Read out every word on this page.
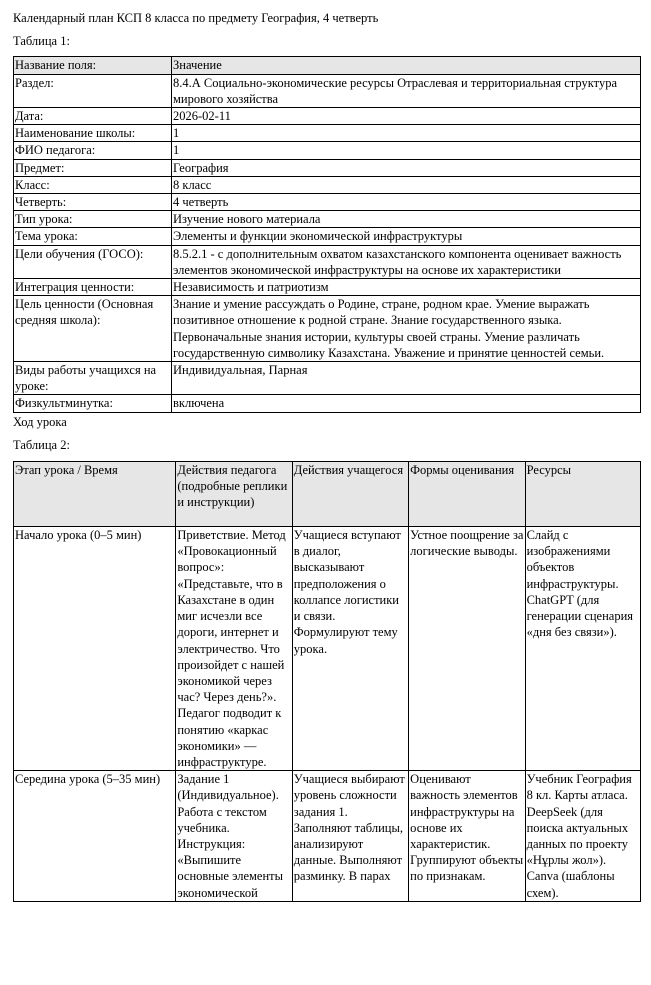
Календарный план КСП 8 класса по предмету География, 4 четверть

Таблица 1:

Название поля:	Значение
Раздел:	8.4.А Социально-экономические ресурсы Отраслевая и территориальная структура мирового хозяйства
Дата:	2026-02-11
Наименование школы:	1
ФИО педагога:	1
Предмет:	География
Класс:	8 класс
Четверть:	4 четверть
Тип урока:	Изучение нового материала
Тема урока:	Элементы и функции экономической инфраструктуры
Цели обучения (ГОСО):	8.5.2.1 - с дополнительным охватом казахстанского компонента оценивает важность элементов экономической инфраструктуры на основе их характеристики
Интеграция ценности:	Независимость и патриотизм
Цель ценности (Основная средняя школа):	Знание и умение рассуждать о Родине, стране, родном крае. Умение выражать позитивное отношение к родной стране. Знание государственного языка. Первоначальные знания истории, культуры своей страны. Умение различать государственную символику Казахстана. Уважение и принятие ценностей семьи.
Виды работы учащихся на уроке:	Индивидуальная, Парная
Физкультминутка:	включена

Ход урока

Таблица 2:

Этап урока / Время	Действия педагога (подробные реплики и инструкции)	Действия учащегося	Формы оценивания	Ресурсы
Начало урока (0–5 мин)	Приветствие. Метод «Провокационный вопрос»: «Представьте, что в Казахстане в один миг исчезли все дороги, интернет и электричество. Что произойдет с нашей экономикой через час? Через день?». Педагог подводит к понятию «каркас экономики» — инфраструктуре.	Учащиеся вступают в диалог, высказывают предположения о коллапсе логистики и связи. Формулируют тему урока.	Устное поощрение за логические выводы.	Слайд с изображениями объектов инфраструктуры. ChatGPT (для генерации сценария «дня без связи»).
Середина урока (5–35 мин)	Задание 1 (Индивидуальное). Работа с текстом учебника. Инструкция: «Выпишите основные элементы экономической	Учащиеся выбирают уровень сложности задания 1. Заполняют таблицы, анализируют данные. Выполняют разминку. В парах	Оценивают важность элементов инфраструктуры на основе их характеристик. Группируют объекты по признакам.	Учебник География 8 кл. Карты атласа. DeepSeek (для поиска актуальных данных по проекту «Нұрлы жол»). Canva (шаблоны схем).
